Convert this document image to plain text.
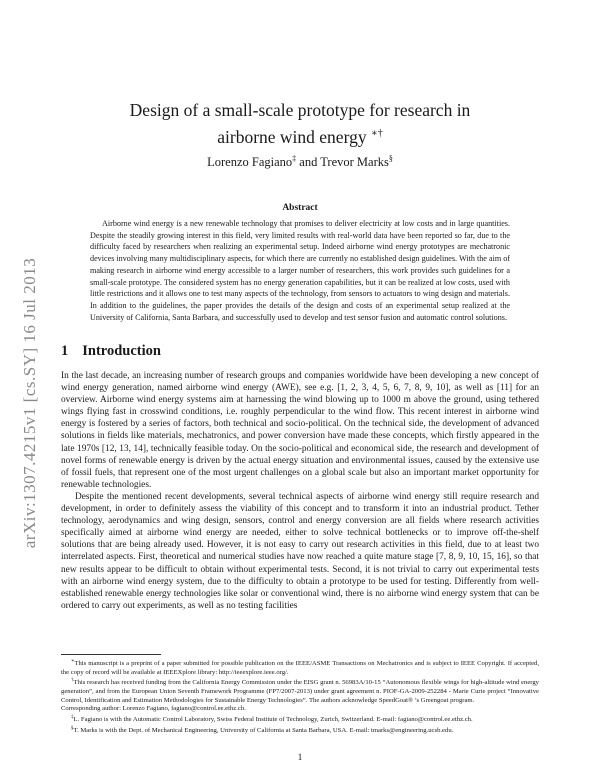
arXiv:1307.4215v1 [cs.SY] 16 Jul 2013
Design of a small-scale prototype for research in
airborne wind energy ∗†
Lorenzo Fagiano‡ and Trevor Marks§
Abstract

Airborne wind energy is a new renewable technology that promises to deliver electricity at low costs and in large quantities. Despite the steadily growing interest in this field, very limited results with real-world data have been reported so far, due to the difficulty faced by researchers when realizing an experimental setup. Indeed airborne wind energy prototypes are mechatronic devices involving many multidisciplinary aspects, for which there are currently no established design guidelines. With the aim of making research in airborne wind energy accessible to a larger number of researchers, this work provides such guidelines for a small-scale prototype. The considered system has no energy generation capabilities, but it can be realized at low costs, used with little restrictions and it allows one to test many aspects of the technology, from sensors to actuators to wing design and materials. In addition to the guidelines, the paper provides the details of the design and costs of an experimental setup realized at the University of California, Santa Barbara, and successfully used to develop and test sensor fusion and automatic control solutions.

1 Introduction

In the last decade, an increasing number of research groups and companies worldwide have been developing a new concept of wind energy generation, named airborne wind energy (AWE), see e.g. [1, 2, 3, 4, 5, 6, 7, 8, 9, 10], as well as [11] for an overview. Airborne wind energy systems aim at harnessing the wind blowing up to 1000 m above the ground, using tethered wings flying fast in crosswind conditions, i.e. roughly perpendicular to the wind flow. This recent interest in airborne wind energy is fostered by a series of factors, both technical and socio-political. On the technical side, the development of advanced solutions in fields like materials, mechatronics, and power conversion have made these concepts, which firstly appeared in the late 1970s [12, 13, 14], technically feasible today. On the socio-political and economical side, the research and development of novel forms of renewable energy is driven by the actual energy situation and environmental issues, caused by the extensive use of fossil fuels, that represent one of the most urgent challenges on a global scale but also an important market opportunity for renewable technologies.

Despite the mentioned recent developments, several technical aspects of airborne wind energy still require research and development, in order to definitely assess the viability of this concept and to transform it into an industrial product. Tether technology, aerodynamics and wing design, sensors, control and energy conversion are all fields where research activities specifically aimed at airborne wind energy are needed, either to solve technical bottlenecks or to improve off-the-shelf solutions that are being already used. However, it is not easy to carry out research activities in this field, due to at least two interrelated aspects. First, theoretical and numerical studies have now reached a quite mature stage [7, 8, 9, 10, 15, 16], so that new results appear to be difficult to obtain without experimental tests. Second, it is not trivial to carry out experimental tests with an airborne wind energy system, due to the difficulty to obtain a prototype to be used for testing. Differently from well-established renewable energy technologies like solar or conventional wind, there is no airborne wind energy system that can be ordered to carry out experiments, as well as no testing facilities

∗This manuscript is a preprint of a paper submitted for possible publication on the IEEE/ASME Transactions on Mechatronics and is subject to IEEE Copyright. If accepted, the copy of record will be available at IEEEXplore library: http://ieeexplore.ieee.org/.

†This research has received funding from the California Energy Commission under the EISG grant n. 56983A/10-15 “Autonomous flexible wings for high-altitude wind energy generation”, and from the European Union Seventh Framework Programme (FP7/2007-2013) under grant agreement n. PIOF-GA-2009-252284 - Marie Curie project “Innovative Control, Identification and Estimation Methodologies for Sustainable Energy Technologies”. The authors acknowledge SpeedGoat® ’s Greengoat program.

Corresponding author: Lorenzo Fagiano, fagiano@control.ee.ethz.ch.

‡L. Fagiano is with the Automatic Control Laboratory, Swiss Federal Institute of Technology, Zurich, Switzerland. E-mail: fagiano@control.ee.ethz.ch.

§T. Marks is with the Dept. of Mechanical Engineering, University of California at Santa Barbara, USA. E-mail: tmarks@engineering.ucsb.edu.

1
